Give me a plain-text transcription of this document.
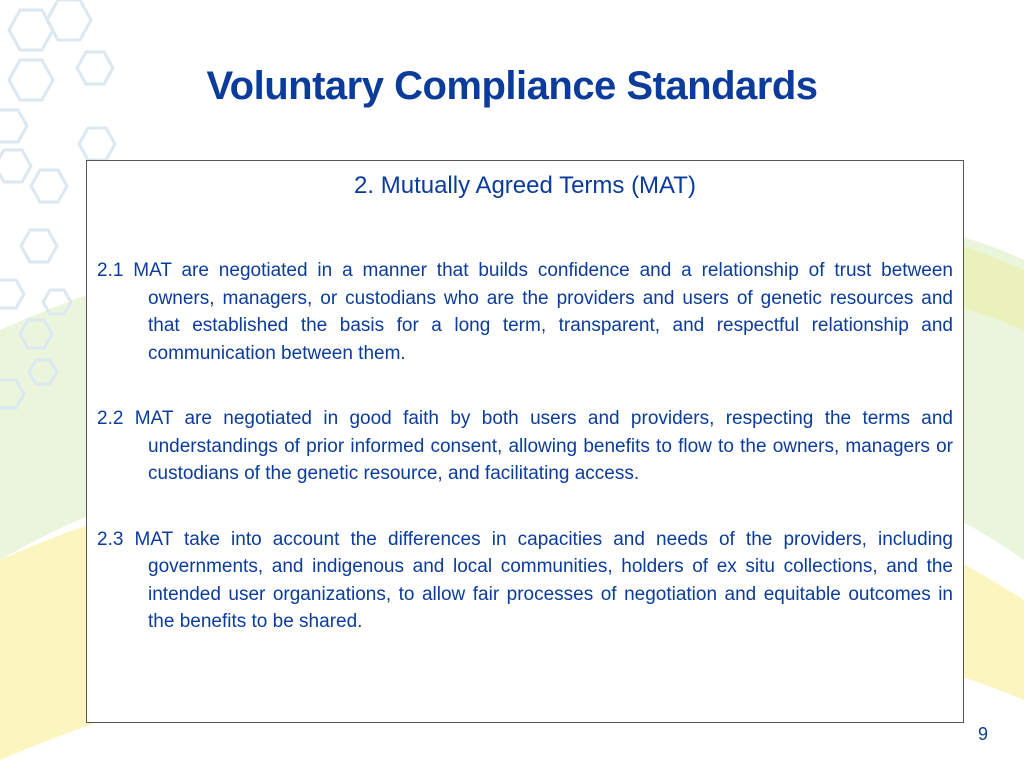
Voluntary Compliance Standards
2. Mutually Agreed Terms (MAT)

2.1 MAT are negotiated in a manner that builds confidence and a relationship of trust between owners, managers, or custodians who are the providers and users of genetic resources and that established the basis for a long term, transparent, and respectful relationship and communication between them.

2.2 MAT are negotiated in good faith by both users and providers, respecting the terms and understandings of prior informed consent, allowing benefits to flow to the owners, managers or custodians of the genetic resource, and facilitating access.

2.3 MAT take into account the differences in capacities and needs of the providers, including governments, and indigenous and local communities, holders of ex situ collections, and the intended user organizations, to allow fair processes of negotiation and equitable outcomes in the benefits to be shared.

9
